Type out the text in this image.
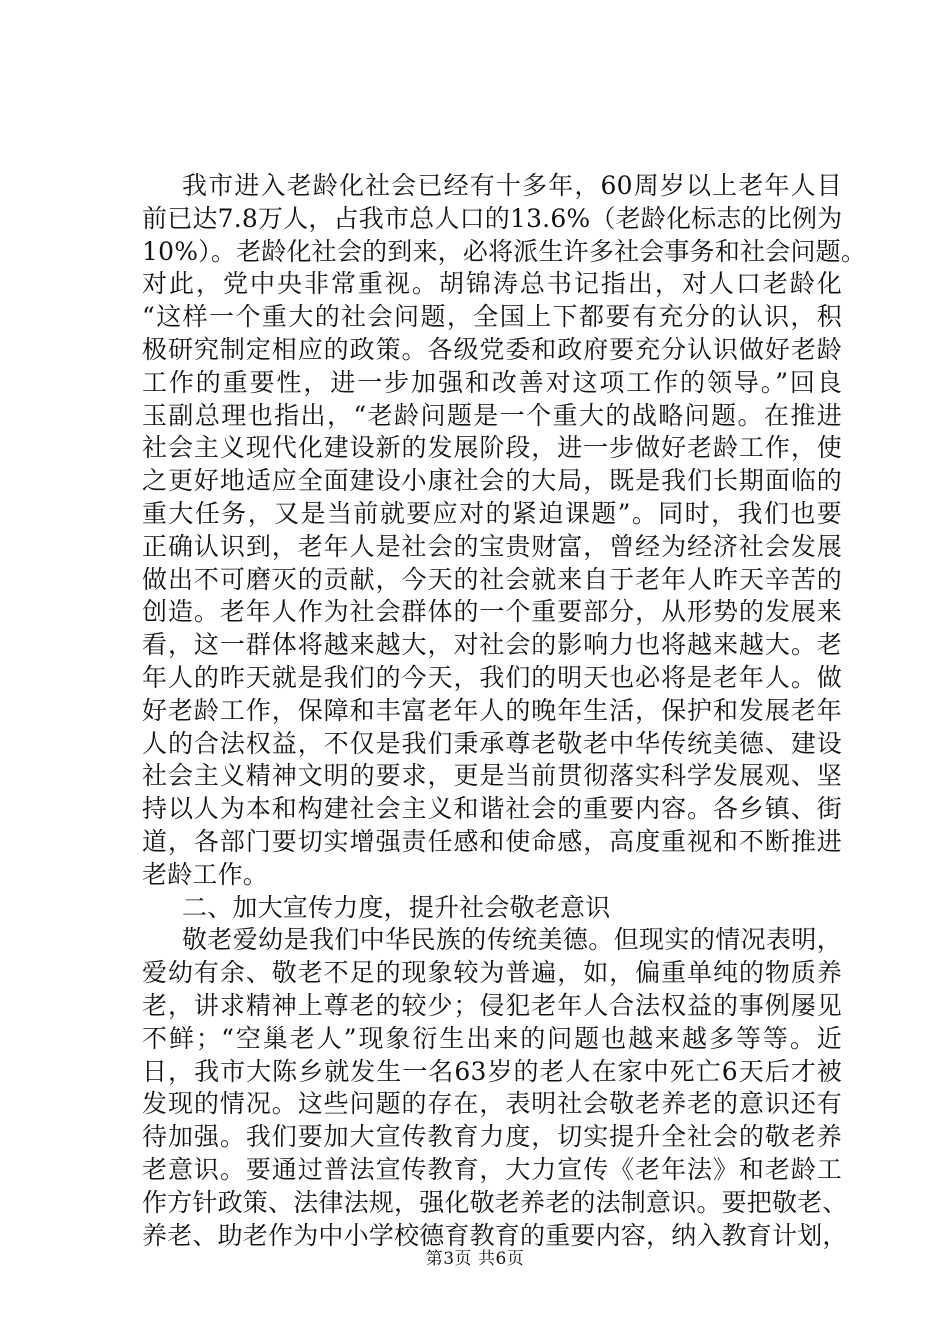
我市进入老龄化社会已经有十多年，60周岁以上老年人目
前已达7.8万人，占我市总人口的13.6%（老龄化标志的比例为
10%）。老龄化社会的到来，必将派生许多社会事务和社会问题。
对此，党中央非常重视。胡锦涛总书记指出，对人口老龄化
“这样一个重大的社会问题，全国上下都要有充分的认识，积
极研究制定相应的政策。各级党委和政府要充分认识做好老龄
工作的重要性，进一步加强和改善对这项工作的领导。”回良
玉副总理也指出，“老龄问题是一个重大的战略问题。在推进
社会主义现代化建设新的发展阶段，进一步做好老龄工作，使
之更好地适应全面建设小康社会的大局，既是我们长期面临的
重大任务，又是当前就要应对的紧迫课题”。同时，我们也要
正确认识到，老年人是社会的宝贵财富，曾经为经济社会发展
做出不可磨灭的贡献，今天的社会就来自于老年人昨天辛苦的
创造。老年人作为社会群体的一个重要部分，从形势的发展来
看，这一群体将越来越大，对社会的影响力也将越来越大。老
年人的昨天就是我们的今天，我们的明天也必将是老年人。做
好老龄工作，保障和丰富老年人的晚年生活，保护和发展老年
人的合法权益，不仅是我们秉承尊老敬老中华传统美德、建设
社会主义精神文明的要求，更是当前贯彻落实科学发展观、坚
持以人为本和构建社会主义和谐社会的重要内容。各乡镇、街
道，各部门要切实增强责任感和使命感，高度重视和不断推进
老龄工作。
二、加大宣传力度，提升社会敬老意识
敬老爱幼是我们中华民族的传统美德。但现实的情况表明，
爱幼有余、敬老不足的现象较为普遍，如，偏重单纯的物质养
老，讲求精神上尊老的较少；侵犯老年人合法权益的事例屡见
不鲜；“空巢老人”现象衍生出来的问题也越来越多等等。近
日，我市大陈乡就发生一名63岁的老人在家中死亡6天后才被
发现的情况。这些问题的存在，表明社会敬老养老的意识还有
待加强。我们要加大宣传教育力度，切实提升全社会的敬老养
老意识。要通过普法宣传教育，大力宣传《老年法》和老龄工
作方针政策、法律法规，强化敬老养老的法制意识。要把敬老、
养老、助老作为中小学校德育教育的重要内容，纳入教育计划，
第3页 共6页
